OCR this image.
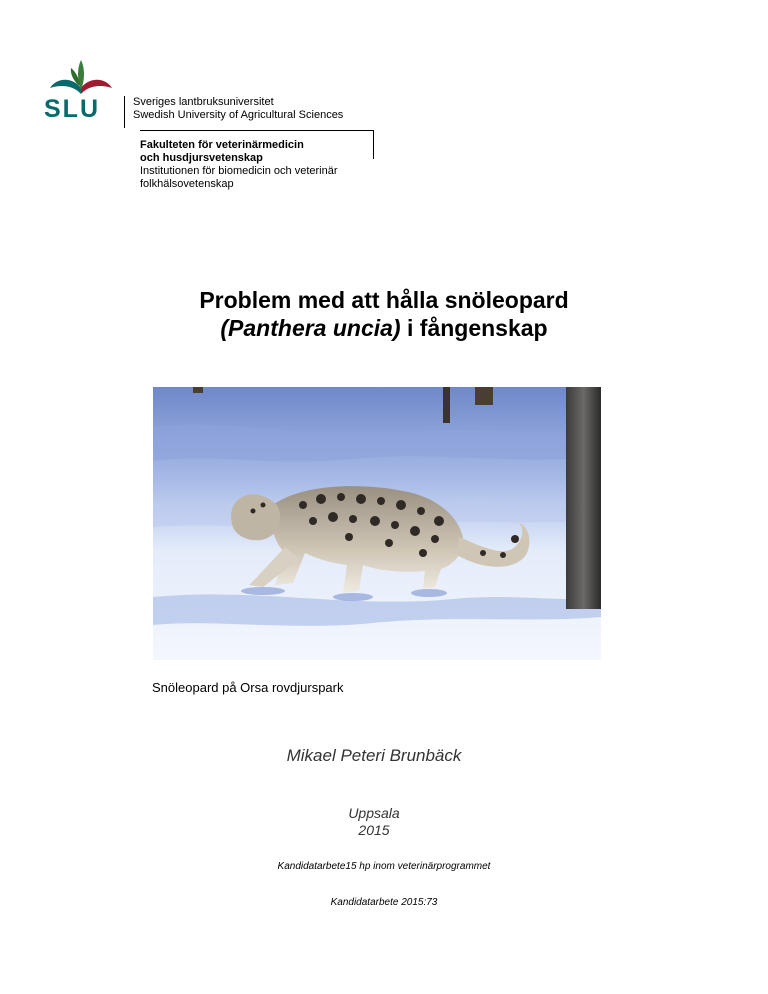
SLU	Sveriges lantbruksuniversitet
Swedish University of Agricultural Sciences
Fakulteten för veterinärmedicin
och husdjursvetenskap
Institutionen för biomedicin och veterinär
folkhälsovetenskap
Problem med att hålla snöleopard
(Panthera uncia) i fångenskap
Snöleopard på Orsa rovdjurspark
Mikael Peteri Brunbäck
Uppsala
2015
Kandidatarbete15 hp inom veterinärprogrammet
Kandidatarbete 2015:73
